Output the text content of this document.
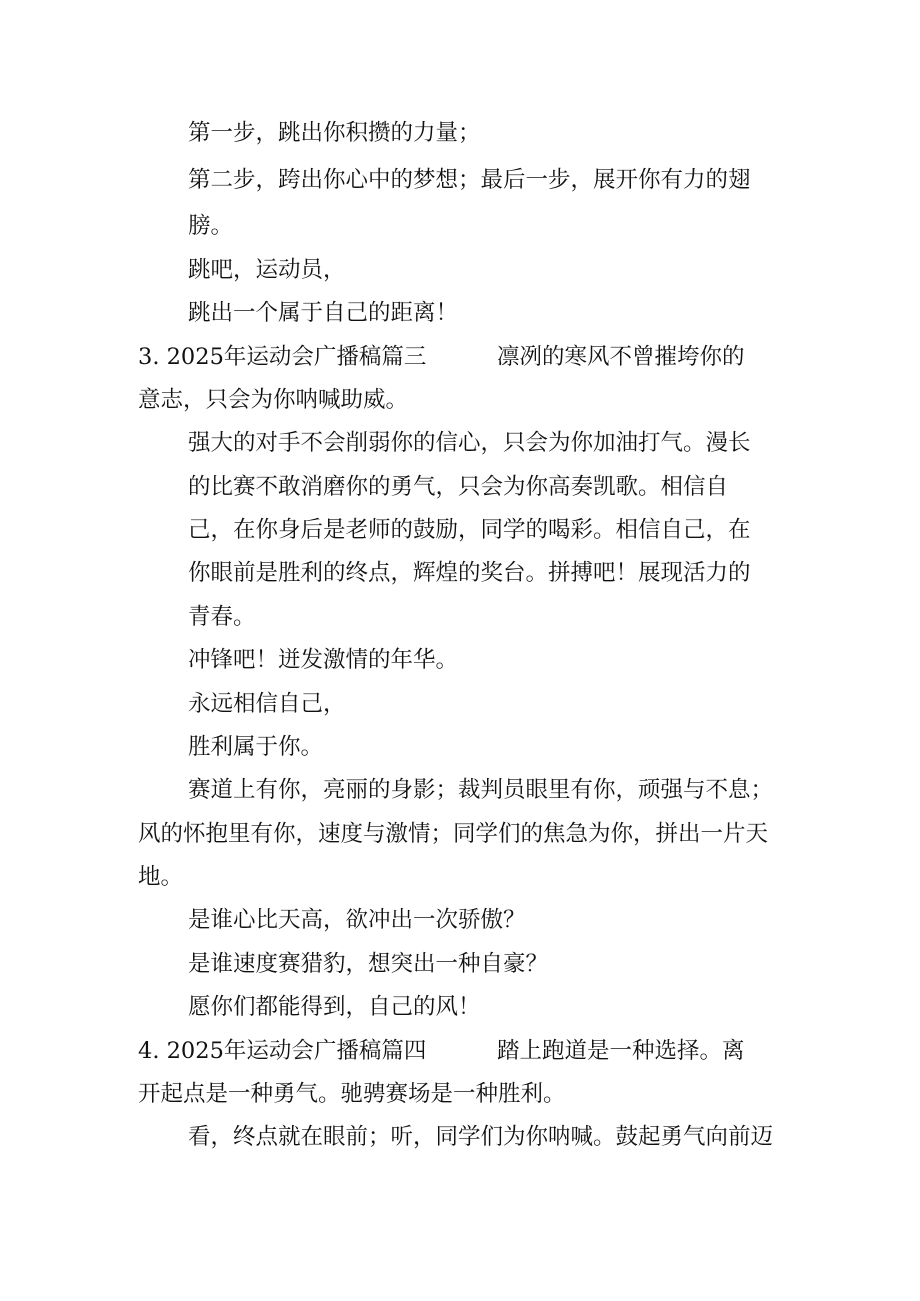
第一步，跳出你积攒的力量；
第二步，跨出你心中的梦想；最后一步，展开你有力的翅
膀。
跳吧，运动员，
跳出一个属于自己的距离！
3. 2025年运动会广播稿篇三	凛冽的寒风不曾摧垮你的
意志，只会为你呐喊助威。
强大的对手不会削弱你的信心，只会为你加油打气。漫长
的比赛不敢消磨你的勇气，只会为你高奏凯歌。相信自
己，在你身后是老师的鼓励，同学的喝彩。相信自己，在
你眼前是胜利的终点，辉煌的奖台。拼搏吧！展现活力的
青春。
冲锋吧！迸发激情的年华。
永远相信自己，
胜利属于你。
赛道上有你，亮丽的身影；裁判员眼里有你，顽强与不息；
风的怀抱里有你，速度与激情；同学们的焦急为你，拼出一片天
地。
是谁心比天高，欲冲出一次骄傲？
是谁速度赛猎豹，想突出一种自豪？
愿你们都能得到，自己的风！
4. 2025年运动会广播稿篇四	踏上跑道是一种选择。离
开起点是一种勇气。驰骋赛场是一种胜利。
看，终点就在眼前；听，同学们为你呐喊。鼓起勇气向前迈
